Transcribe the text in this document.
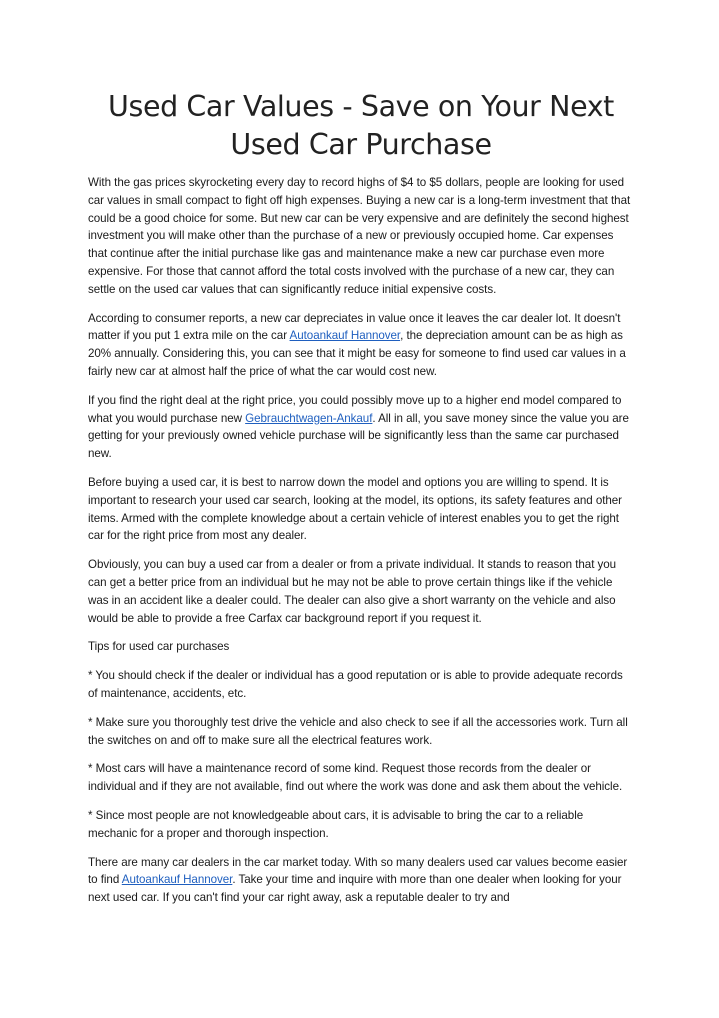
Used Car Values - Save on Your Next Used Car Purchase

With the gas prices skyrocketing every day to record highs of $4 to $5 dollars, people are looking for used car values in small compact to fight off high expenses. Buying a new car is a long-term investment that that could be a good choice for some. But new car can be very expensive and are definitely the second highest investment you will make other than the purchase of a new or previously occupied home. Car expenses that continue after the initial purchase like gas and maintenance make a new car purchase even more expensive. For those that cannot afford the total costs involved with the purchase of a new car, they can settle on the used car values that can significantly reduce initial expensive costs.

According to consumer reports, a new car depreciates in value once it leaves the car dealer lot. It doesn't matter if you put 1 extra mile on the car Autoankauf Hannover, the depreciation amount can be as high as 20% annually. Considering this, you can see that it might be easy for someone to find used car values in a fairly new car at almost half the price of what the car would cost new.

If you find the right deal at the right price, you could possibly move up to a higher end model compared to what you would purchase new Gebrauchtwagen-Ankauf. All in all, you save money since the value you are getting for your previously owned vehicle purchase will be significantly less than the same car purchased new.

Before buying a used car, it is best to narrow down the model and options you are willing to spend. It is important to research your used car search, looking at the model, its options, its safety features and other items. Armed with the complete knowledge about a certain vehicle of interest enables you to get the right car for the right price from most any dealer.

Obviously, you can buy a used car from a dealer or from a private individual. It stands to reason that you can get a better price from an individual but he may not be able to prove certain things like if the vehicle was in an accident like a dealer could. The dealer can also give a short warranty on the vehicle and also would be able to provide a free Carfax car background report if you request it.

Tips for used car purchases

* You should check if the dealer or individual has a good reputation or is able to provide adequate records of maintenance, accidents, etc.

* Make sure you thoroughly test drive the vehicle and also check to see if all the accessories work. Turn all the switches on and off to make sure all the electrical features work.

* Most cars will have a maintenance record of some kind. Request those records from the dealer or individual and if they are not available, find out where the work was done and ask them about the vehicle.

* Since most people are not knowledgeable about cars, it is advisable to bring the car to a reliable mechanic for a proper and thorough inspection.

There are many car dealers in the car market today. With so many dealers used car values become easier to find Autoankauf Hannover. Take your time and inquire with more than one dealer when looking for your next used car. If you can't find your car right away, ask a reputable dealer to try and
